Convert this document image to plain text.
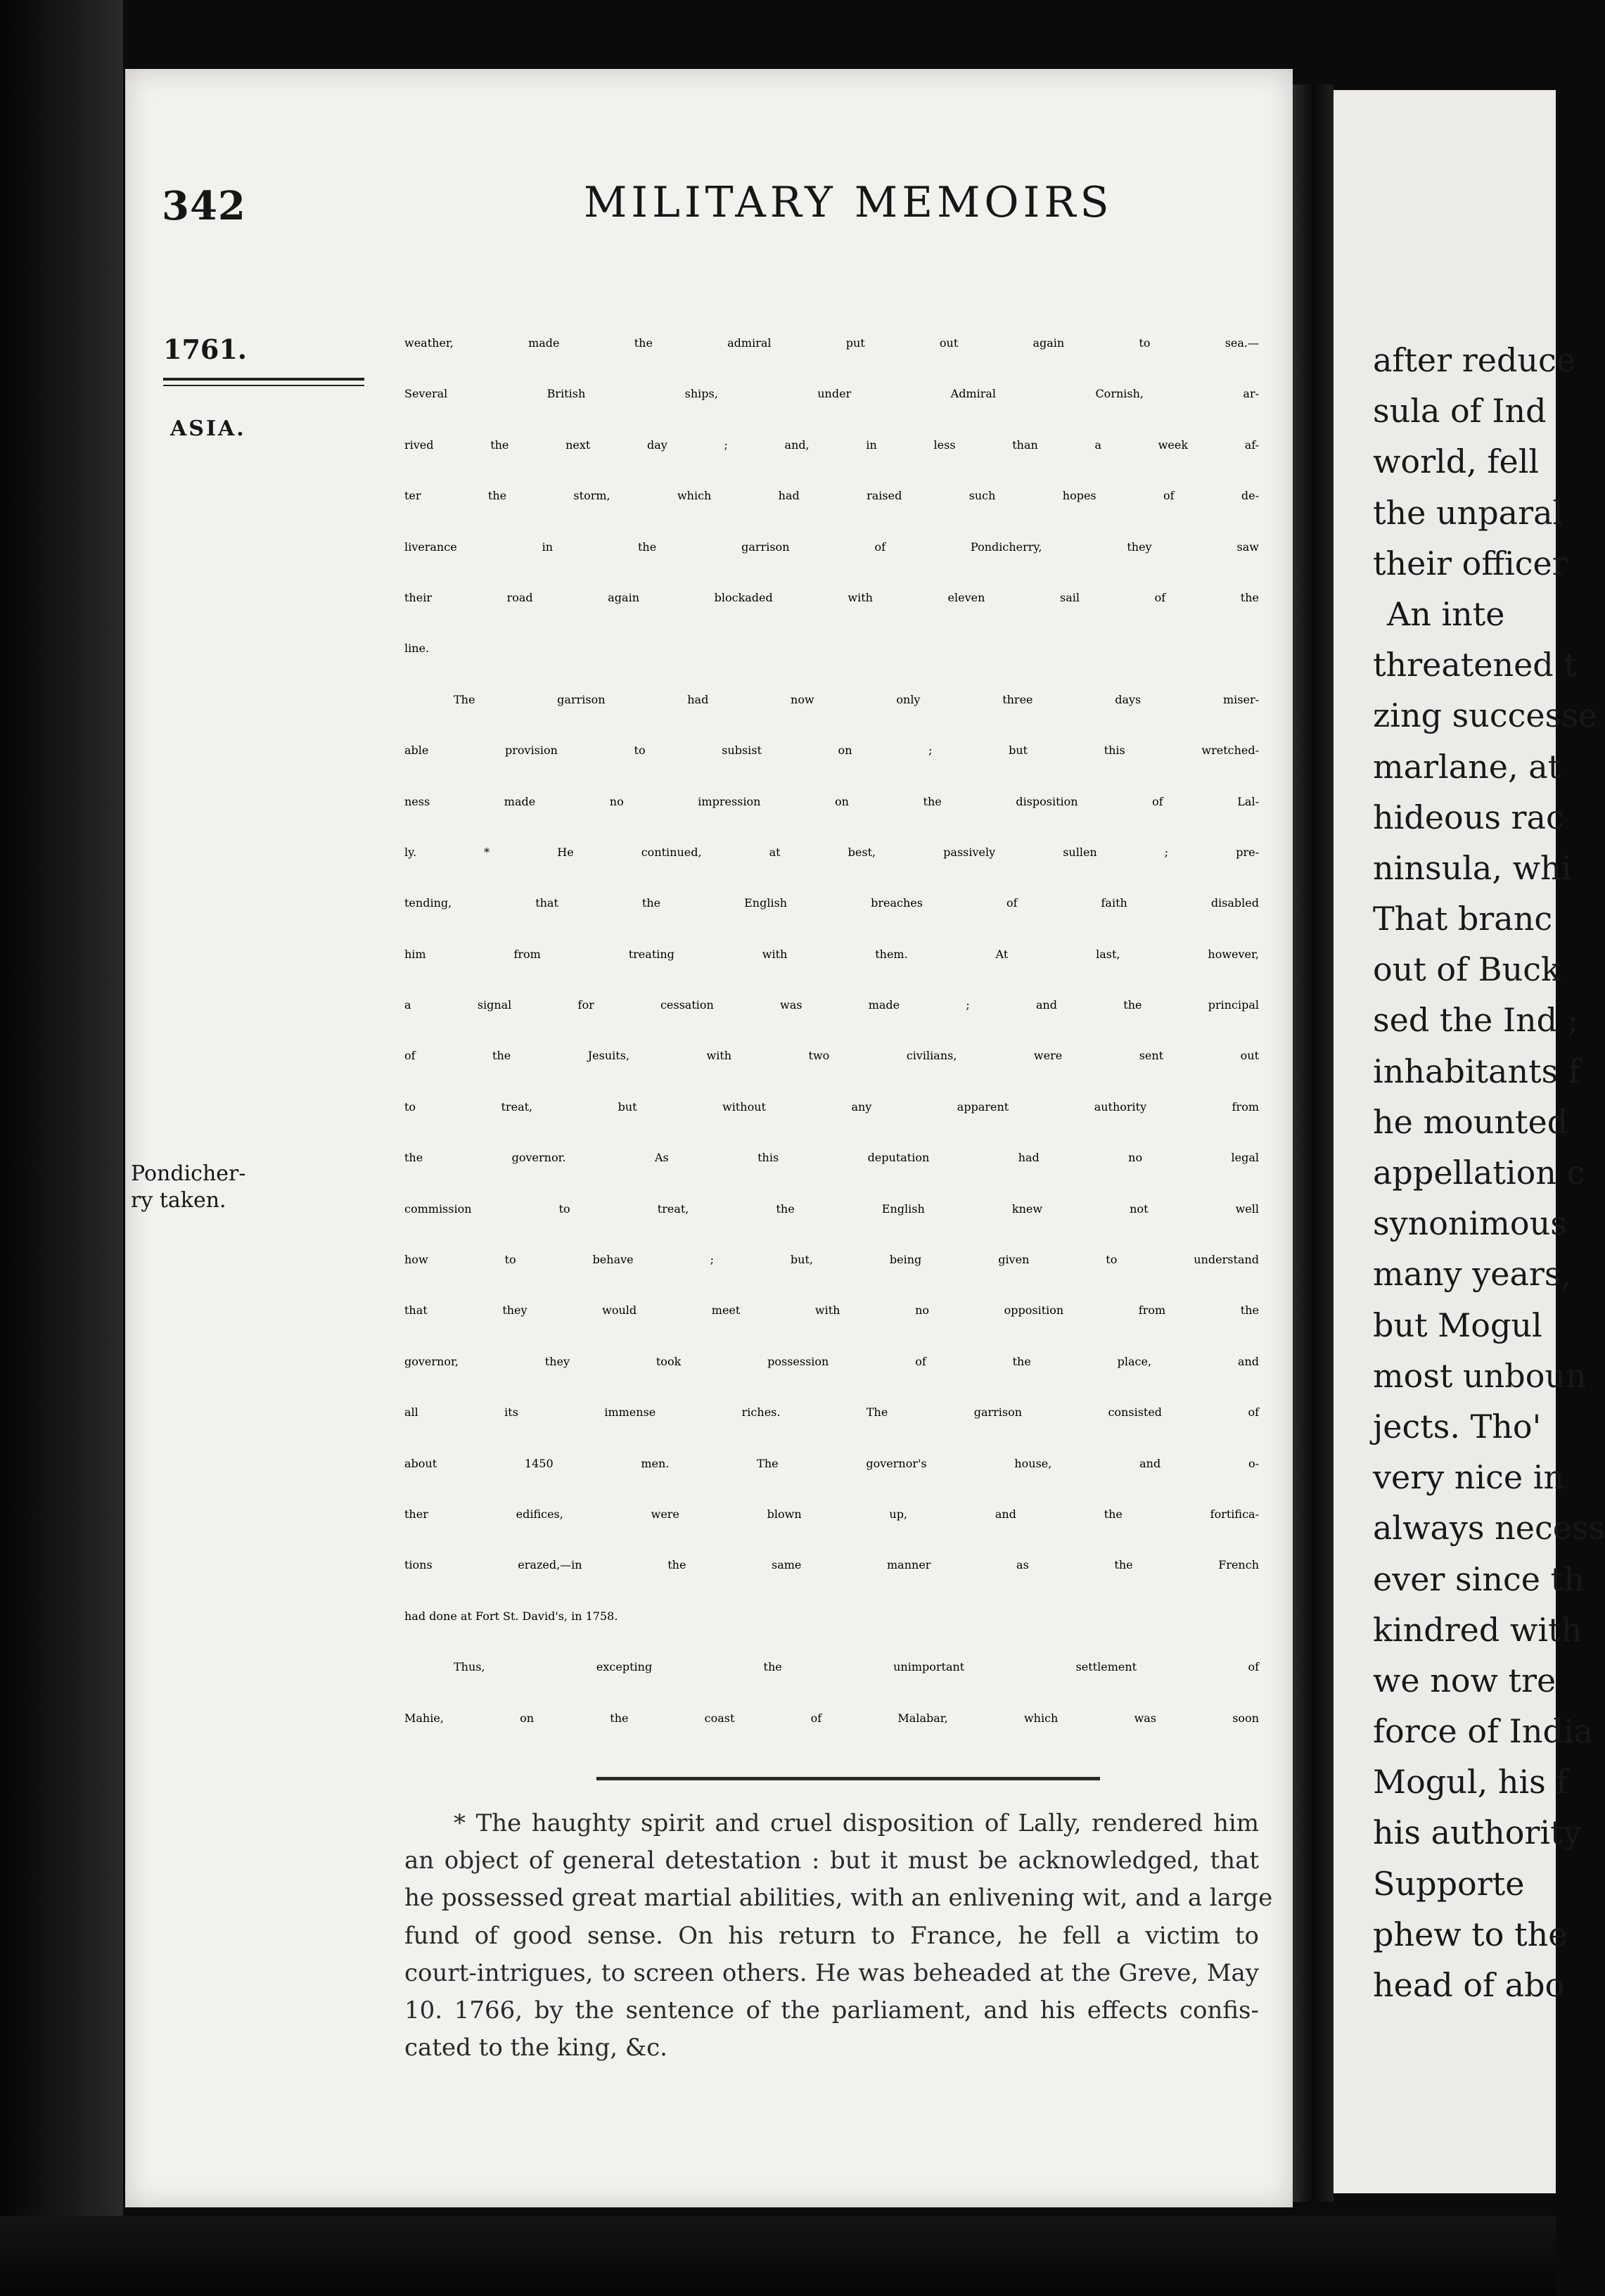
342	MILITARY MEMOIRS
1761.
ASIA.
Pondicher-
ry taken.
weather, made the admiral put out again to sea.—
Several British ships, under Admiral Cornish, ar-
rived the next day ; and, in less than a week af-
ter the storm, which had raised such hopes of de-
liverance in the garrison of Pondicherry, they saw
their road again blockaded with eleven sail of the
line.
The garrison had now only three days miser-
able provision to subsist on ; but this wretched-
ness made no impression on the disposition of Lal-
ly. * He continued, at best, passively sullen ; pre-
tending, that the English breaches of faith disabled
him from treating with them. At last, however,
a signal for cessation was made ; and the principal
of the Jesuits, with two civilians, were sent out
to treat, but without any apparent authority from
the governor. As this deputation had no legal
commission to treat, the English knew not well
how to behave ; but, being given to understand
that they would meet with no opposition from the
governor, they took possession of the place, and
all its immense riches. The garrison consisted of
about 1450 men. The governor's house, and o-
ther edifices, were blown up, and the fortifica-
tions erazed,—in the same manner as the French
had done at Fort St. David's, in 1758.
Thus, excepting the unimportant settlement of
Mahie, on the coast of Malabar, which was soon
* The haughty spirit and cruel disposition of Lally, rendered him
an object of general detestation : but it must be acknowledged, that
he possessed great martial abilities, with an enlivening wit, and a large
fund of good sense. On his return to France, he fell a victim to
court-intrigues, to screen others. He was beheaded at the Greve, May
10. 1766, by the sentence of the parliament, and his effects confis-
cated to the king, &c.
after reduce
sula of Ind
world, fell
the unparal
their officer
An inte
threatened t
zing successe
marlane, at
hideous rac
ninsula, whi
That branc
out of Buck
sed the Ind ;
inhabitants f
he mounted
appellation c
synonimous
many years,
but Mogul
most unboun
jects. Tho'
very nice in
always necess
ever since th
kindred with
we now tre
force of India
Mogul, his f
his authority
Supporte
phew to the
head of abo
